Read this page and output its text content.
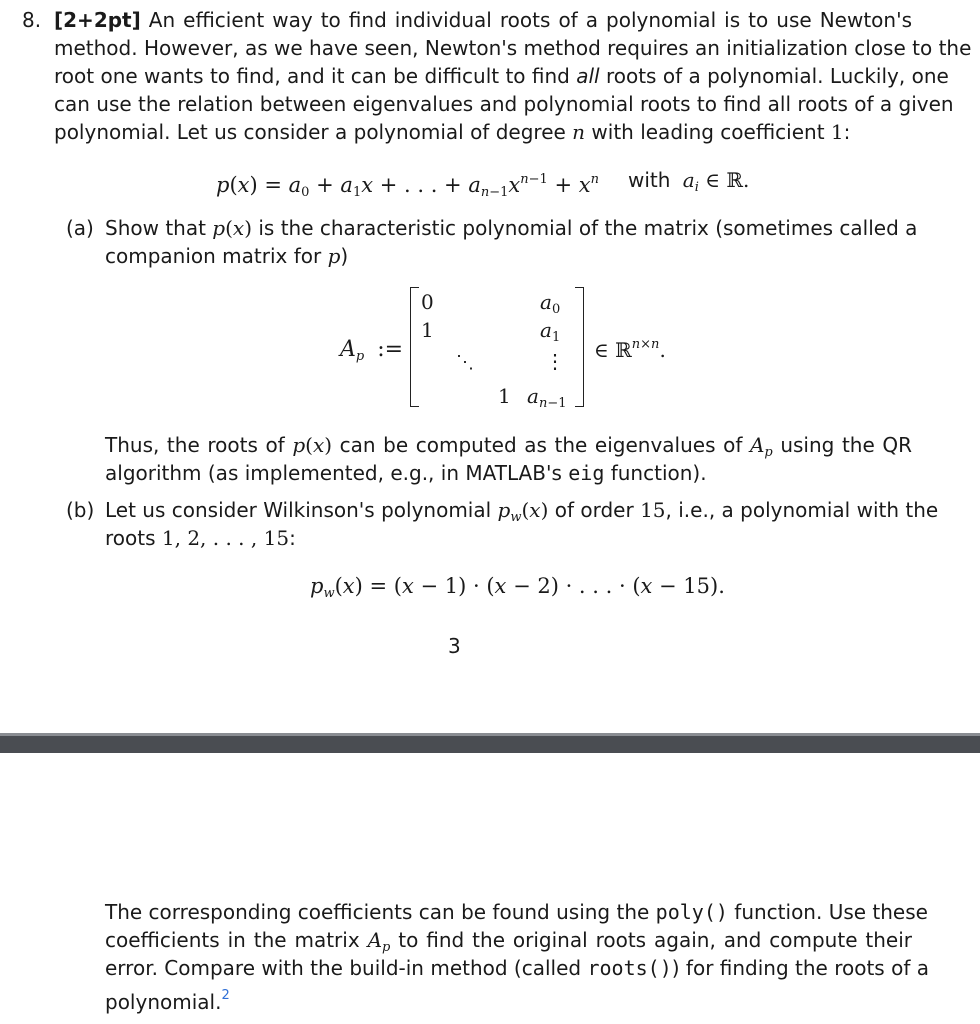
8. [2+2pt] An efficient way to find individual roots of a polynomial is to use Newton's
method. However, as we have seen, Newton's method requires an initialization close to the
root one wants to find, and it can be difficult to find all roots of a polynomial. Luckily, one
can use the relation between eigenvalues and polynomial roots to find all roots of a given
polynomial. Let us consider a polynomial of degree n with leading coefficient 1:
$p(x) = a_0 + a_1x$ + . . . + $a_{n-1}x^{n-1} + x^n$ with $a_i$ ∈ ℝ.
(a) Show that p(x) is the characteristic polynomial of the matrix (sometimes called a
companion matrix for p)
$A_p$ :=
0
1
⋱
1
$a_0$
$a_1$
⋮
$a_{n-1}$
∈ ℝ$^{n\times n}$.
Thus, the roots of p(x) can be computed as the eigenvalues of $A_p$ using the QR
algorithm (as implemented, e.g., in MATLAB's eig function).
(b) Let us consider Wilkinson's polynomial $p_w(x)$ of order 15, i.e., a polynomial with the
roots 1, 2, . . . , 15:
$p_w(x) = (x - 1) \cdot (x - 2)$ · . . . · (x − 15).
3
The corresponding coefficients can be found using the poly() function. Use these
coefficients in the matrix $A_p$ to find the original roots again, and compute their
error. Compare with the build-in method (called roots()) for finding the roots of a
polynomial.$^2$
